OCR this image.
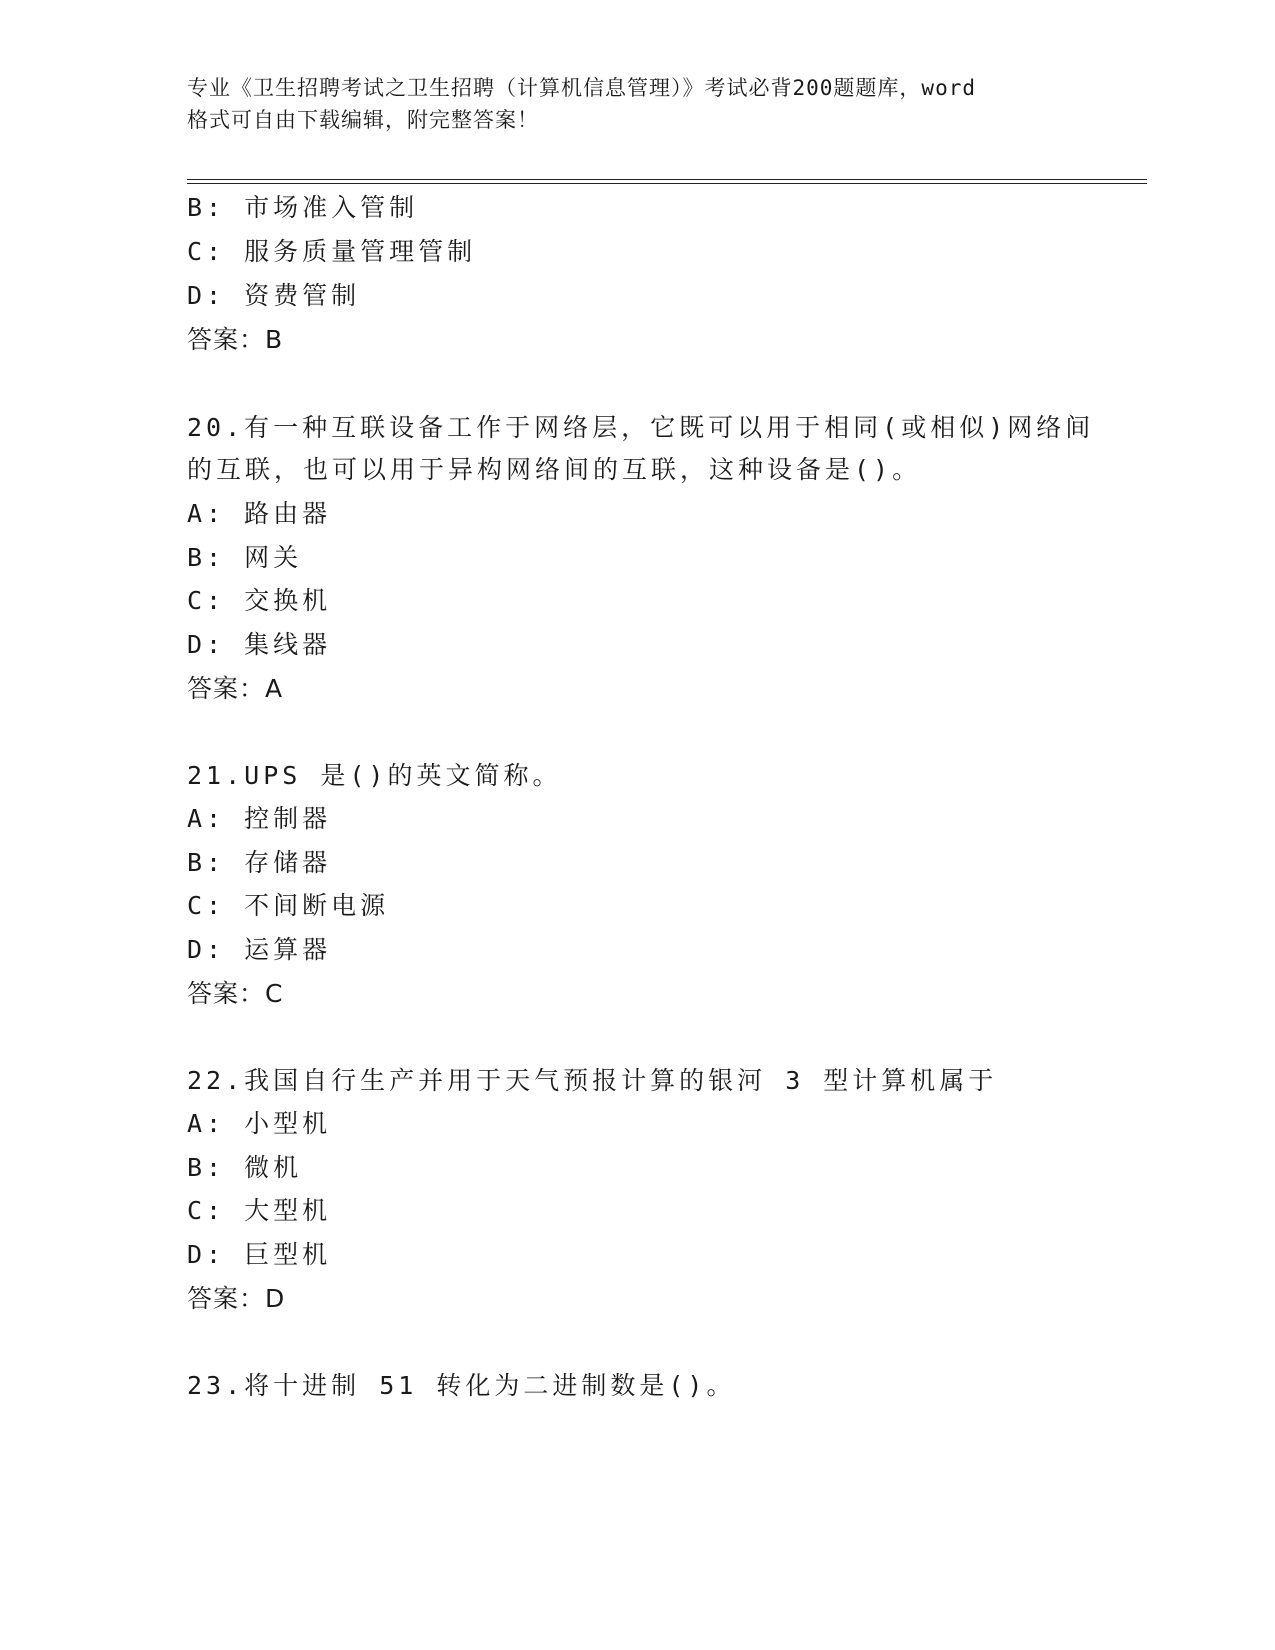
专业《卫生招聘考试之卫生招聘（计算机信息管理）》考试必背200题题库，word
格式可自由下载编辑，附完整答案！
B: 市场准入管制
C: 服务质量管理管制
D: 资费管制
答案：B
20.有一种互联设备工作于网络层，它既可以用于相同(或相似)网络间
的互联，也可以用于异构网络间的互联，这种设备是()。
A: 路由器
B: 网关
C: 交换机
D: 集线器
答案：A
21.UPS 是()的英文简称。
A: 控制器
B: 存储器
C: 不间断电源
D: 运算器
答案：C
22.我国自行生产并用于天气预报计算的银河 3 型计算机属于
A: 小型机
B: 微机
C: 大型机
D: 巨型机
答案：D
23.将十进制 51 转化为二进制数是()。
